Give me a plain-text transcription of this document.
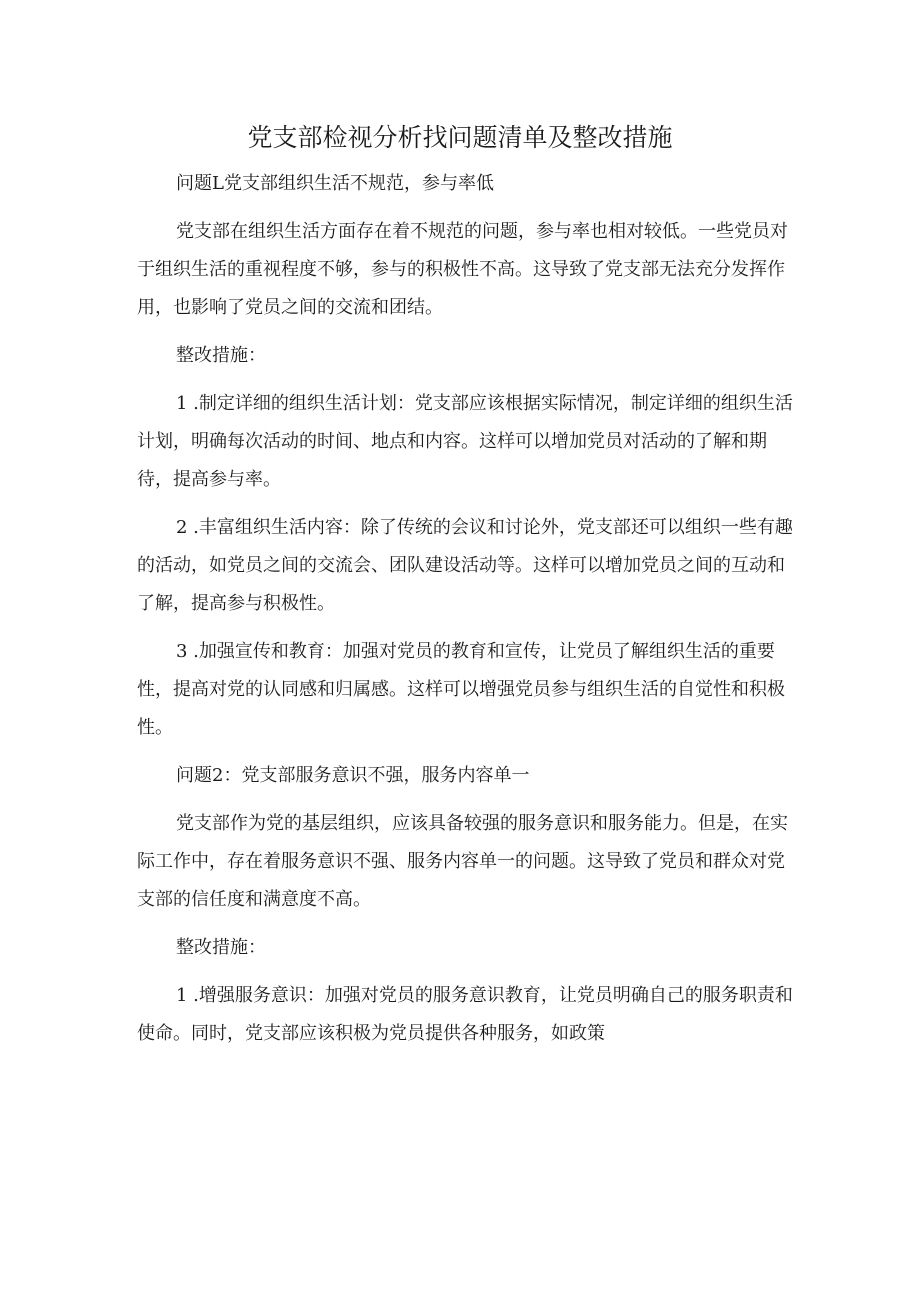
党支部检视分析找问题清单及整改措施

问题L党支部组织生活不规范，参与率低

党支部在组织生活方面存在着不规范的问题，参与率也相对较低。一些党员对于组织生活的重视程度不够，参与的积极性不高。这导致了党支部无法充分发挥作用，也影响了党员之间的交流和团结。

整改措施：

1 .制定详细的组织生活计划：党支部应该根据实际情况，制定详细的组织生活计划，明确每次活动的时间、地点和内容。这样可以增加党员对活动的了解和期待，提高参与率。

2 .丰富组织生活内容：除了传统的会议和讨论外，党支部还可以组织一些有趣的活动，如党员之间的交流会、团队建设活动等。这样可以增加党员之间的互动和了解，提高参与积极性。

3 .加强宣传和教育：加强对党员的教育和宣传，让党员了解组织生活的重要性，提高对党的认同感和归属感。这样可以增强党员参与组织生活的自觉性和积极性。

问题2：党支部服务意识不强，服务内容单一

党支部作为党的基层组织，应该具备较强的服务意识和服务能力。但是，在实际工作中，存在着服务意识不强、服务内容单一的问题。这导致了党员和群众对党支部的信任度和满意度不高。

整改措施：

1 .增强服务意识：加强对党员的服务意识教育，让党员明确自己的服务职责和使命。同时，党支部应该积极为党员提供各种服务，如政策
